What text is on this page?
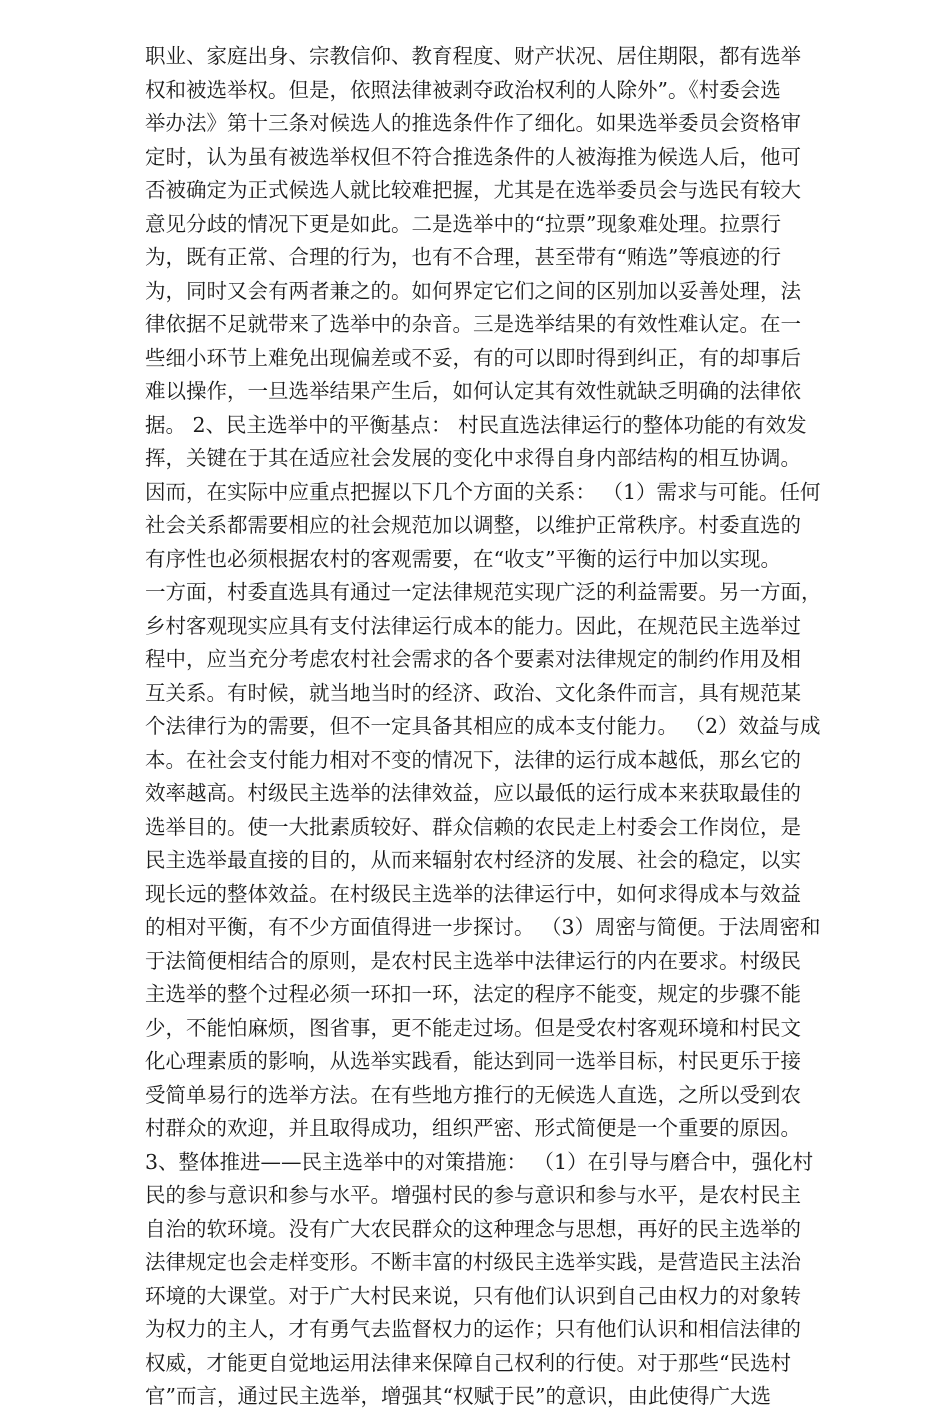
职业、家庭出身、宗教信仰、教育程度、财产状况、居住期限，都有选举
权和被选举权。但是，依照法律被剥夺政治权利的人除外”。《村委会选
举办法》第十三条对候选人的推选条件作了细化。如果选举委员会资格审
定时，认为虽有被选举权但不符合推选条件的人被海推为候选人后，他可
否被确定为正式候选人就比较难把握，尤其是在选举委员会与选民有较大
意见分歧的情况下更是如此。二是选举中的“拉票”现象难处理。拉票行
为，既有正常、合理的行为，也有不合理，甚至带有“贿选”等痕迹的行
为，同时又会有两者兼之的。如何界定它们之间的区别加以妥善处理，法
律依据不足就带来了选举中的杂音。三是选举结果的有效性难认定。在一
些细小环节上难免出现偏差或不妥，有的可以即时得到纠正，有的却事后
难以操作，一旦选举结果产生后，如何认定其有效性就缺乏明确的法律依
据。 2、民主选举中的平衡基点： 村民直选法律运行的整体功能的有效发
挥，关键在于其在适应社会发展的变化中求得自身内部结构的相互协调。
因而，在实际中应重点把握以下几个方面的关系： （1）需求与可能。任何
社会关系都需要相应的社会规范加以调整，以维护正常秩序。村委直选的
有序性也必须根据农村的客观需要，在“收支”平衡的运行中加以实现。
一方面，村委直选具有通过一定法律规范实现广泛的利益需要。另一方面，
乡村客观现实应具有支付法律运行成本的能力。因此，在规范民主选举过
程中，应当充分考虑农村社会需求的各个要素对法律规定的制约作用及相
互关系。有时候，就当地当时的经济、政治、文化条件而言，具有规范某
个法律行为的需要，但不一定具备其相应的成本支付能力。 （2）效益与成
本。在社会支付能力相对不变的情况下，法律的运行成本越低，那幺它的
效率越高。村级民主选举的法律效益，应以最低的运行成本来获取最佳的
选举目的。使一大批素质较好、群众信赖的农民走上村委会工作岗位，是
民主选举最直接的目的，从而来辐射农村经济的发展、社会的稳定，以实
现长远的整体效益。在村级民主选举的法律运行中，如何求得成本与效益
的相对平衡，有不少方面值得进一步探讨。 （3）周密与简便。于法周密和
于法简便相结合的原则，是农村民主选举中法律运行的内在要求。村级民
主选举的整个过程必须一环扣一环，法定的程序不能变，规定的步骤不能
少，不能怕麻烦，图省事，更不能走过场。但是受农村客观环境和村民文
化心理素质的影响，从选举实践看，能达到同一选举目标，村民更乐于接
受简单易行的选举方法。在有些地方推行的无候选人直选，之所以受到农
村群众的欢迎，并且取得成功，组织严密、形式简便是一个重要的原因。
3、整体推进——民主选举中的对策措施： （1）在引导与磨合中，强化村
民的参与意识和参与水平。增强村民的参与意识和参与水平，是农村民主
自治的软环境。没有广大农民群众的这种理念与思想，再好的民主选举的
法律规定也会走样变形。不断丰富的村级民主选举实践，是营造民主法治
环境的大课堂。对于广大村民来说，只有他们认识到自己由权力的对象转
为权力的主人，才有勇气去监督权力的运作；只有他们认识和相信法律的
权威，才能更自觉地运用法律来保障自己权利的行使。对于那些“民选村
官”而言，通过民主选举，增强其“权赋于民”的意识，由此使得广大选
